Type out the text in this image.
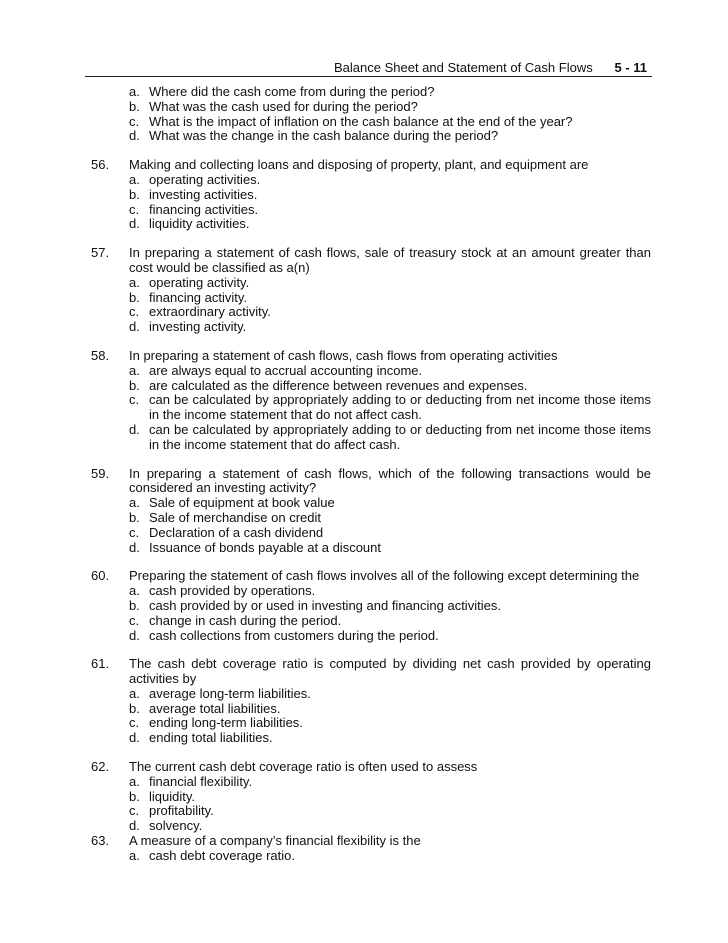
Balance Sheet and Statement of Cash Flows 5 - 11
a. Where did the cash come from during the period?
b. What was the cash used for during the period?
c. What is the impact of inflation on the cash balance at the end of the year?
d. What was the change in the cash balance during the period?
56.	Making and collecting loans and disposing of property, plant, and equipment are
a. operating activities.
b. investing activities.
c. financing activities.
d. liquidity activities.
57.	In preparing a statement of cash flows, sale of treasury stock at an amount greater than cost would be classified as a(n)
a. operating activity.
b. financing activity.
c. extraordinary activity.
d. investing activity.
58.	In preparing a statement of cash flows, cash flows from operating activities
a. are always equal to accrual accounting income.
b. are calculated as the difference between revenues and expenses.
c. can be calculated by appropriately adding to or deducting from net income those items in the income statement that do not affect cash.
d. can be calculated by appropriately adding to or deducting from net income those items in the income statement that do affect cash.
59.	In preparing a statement of cash flows, which of the following transactions would be considered an investing activity?
a. Sale of equipment at book value
b. Sale of merchandise on credit
c. Declaration of a cash dividend
d. Issuance of bonds payable at a discount
60.	Preparing the statement of cash flows involves all of the following except determining the
a. cash provided by operations.
b. cash provided by or used in investing and financing activities.
c. change in cash during the period.
d. cash collections from customers during the period.
61.	The cash debt coverage ratio is computed by dividing net cash provided by operating activities by
a. average long-term liabilities.
b. average total liabilities.
c. ending long-term liabilities.
d. ending total liabilities.
62.	The current cash debt coverage ratio is often used to assess
a. financial flexibility.
b. liquidity.
c. profitability.
d. solvency.
63.	A measure of a company’s financial flexibility is the
a. cash debt coverage ratio.
